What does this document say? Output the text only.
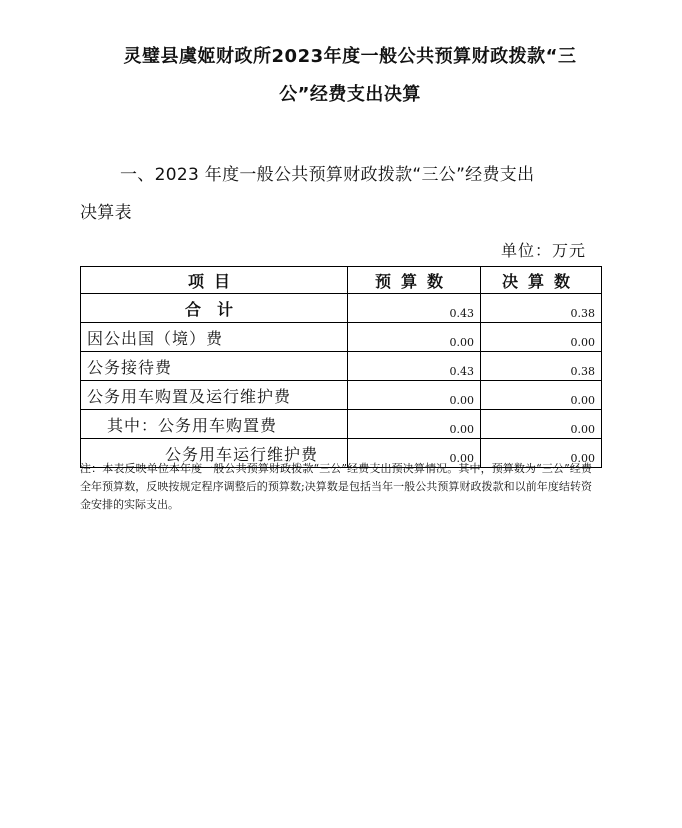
灵璧县虞姬财政所2023年度一般公共预算财政拨款“三
公”经费支出决算
一、2023 年度一般公共预算财政拨款“三公”经费支出
决算表
单位：万元
项目	预算数	决算数
合计	0.43	0.38
因公出国（境）费	0.00	0.00
公务接待费	0.43	0.38
公务用车购置及运行维护费	0.00	0.00
其中：公务用车购置费	0.00	0.00
公务用车运行维护费	0.00	0.00
注：本表反映单位本年度一般公共预算财政拨款“三公”经费支出预决算情况。其中，预算数为“三公”经费全年预算数，反映按规定程序调整后的预算数;决算数是包括当年一般公共预算财政拨款和以前年度结转资金安排的实际支出。
